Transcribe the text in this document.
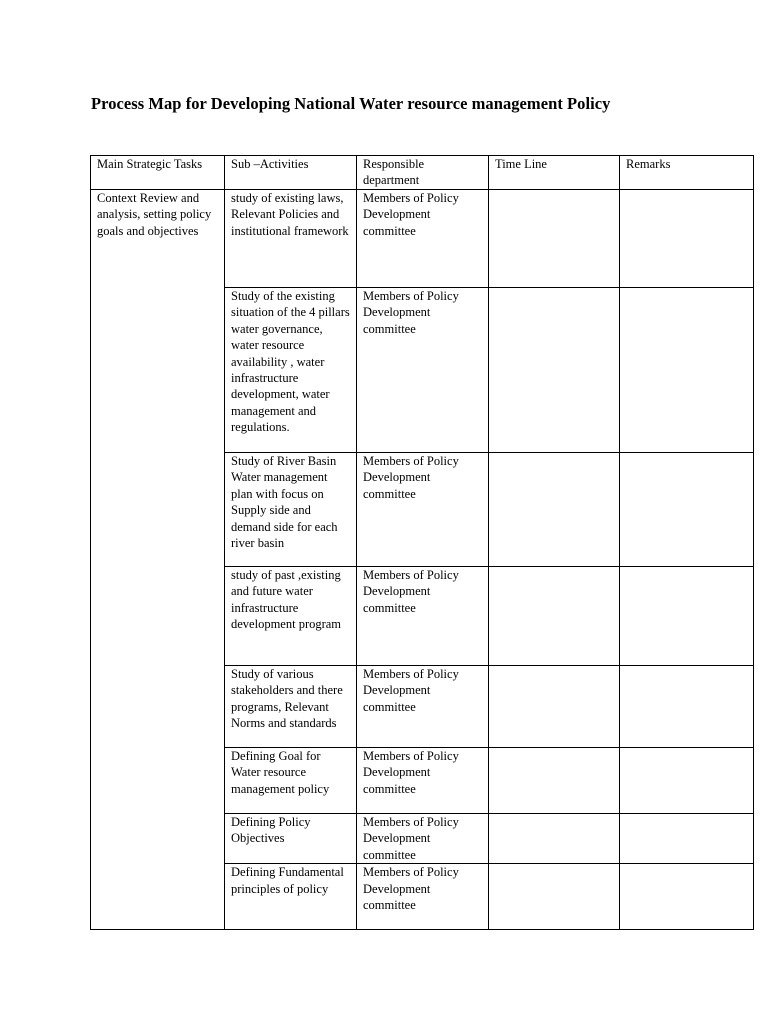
Process Map for Developing National Water resource management Policy
Main Strategic Tasks	Sub –Activities	Responsible department	Time Line	Remarks

Context Review and analysis, setting policy goals and objectives	study of existing laws, Relevant Policies and institutional framework	Members of Policy Development committee		

	Study of the existing situation of the 4 pillars water governance, water resource availability , water infrastructure development, water management and regulations.	Members of Policy Development committee		

	Study of River Basin Water management plan with focus on Supply side and demand side for each river basin	Members of Policy Development committee		

	study of past ,existing and future water infrastructure development program	Members of Policy Development committee		

	Study of various stakeholders and there programs, Relevant Norms and standards	Members of Policy Development committee		

	Defining Goal for Water resource management policy	Members of Policy Development committee		

	Defining Policy Objectives	Members of Policy Development committee		

	Defining Fundamental principles of policy	Members of Policy Development committee		
